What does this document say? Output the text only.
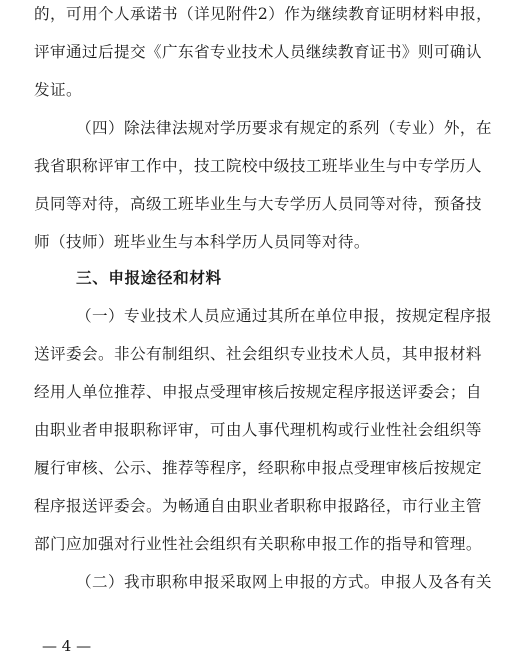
的，可用个人承诺书（详见附件2）作为继续教育证明材料申报，
评审通过后提交《广东省专业技术人员继续教育证书》则可确认
发证。
（四）除法律法规对学历要求有规定的系列（专业）外，在
我省职称评审工作中，技工院校中级技工班毕业生与中专学历人
员同等对待，高级工班毕业生与大专学历人员同等对待，预备技
师（技师）班毕业生与本科学历人员同等对待。
三、申报途径和材料
（一）专业技术人员应通过其所在单位申报，按规定程序报
送评委会。非公有制组织、社会组织专业技术人员，其申报材料
经用人单位推荐、申报点受理审核后按规定程序报送评委会；自
由职业者申报职称评审，可由人事代理机构或行业性社会组织等
履行审核、公示、推荐等程序，经职称申报点受理审核后按规定
程序报送评委会。为畅通自由职业者职称申报路径，市行业主管
部门应加强对行业性社会组织有关职称申报工作的指导和管理。
（二）我市职称申报采取网上申报的方式。申报人及各有关
— 4 —
